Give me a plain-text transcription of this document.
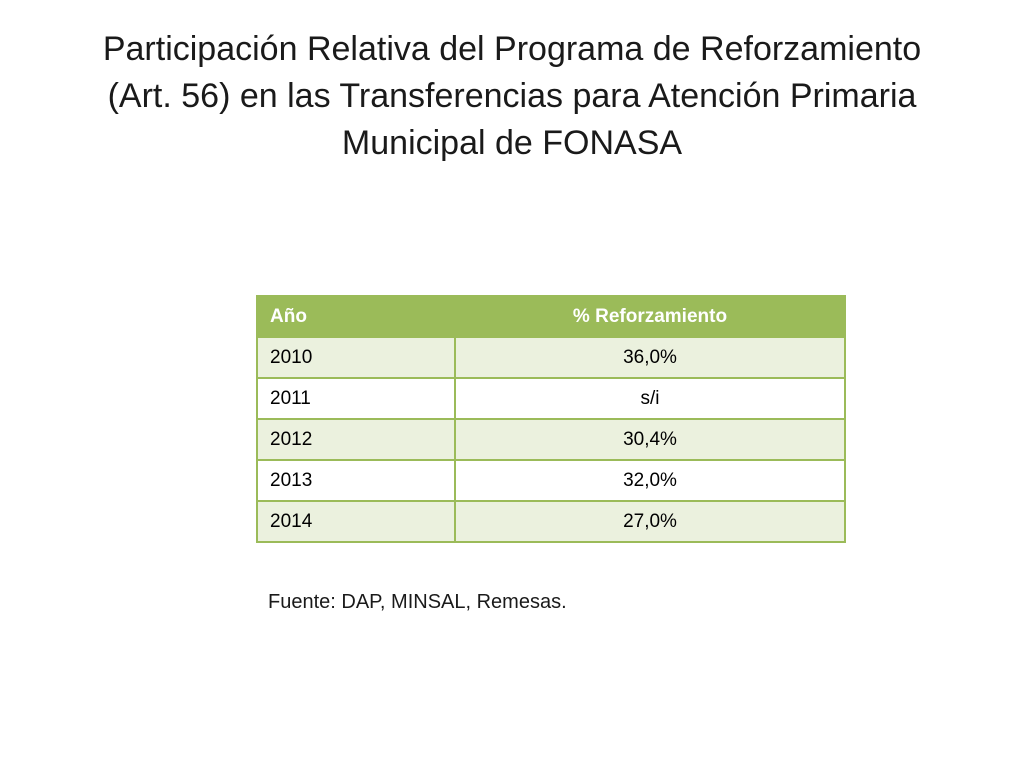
Participación Relativa del Programa de Reforzamiento
(Art. 56) en las Transferencias para Atención Primaria
Municipal de FONASA
Año	% Reforzamiento
2010	36,0%
2011	s/i
2012	30,4%
2013	32,0%
2014	27,0%
Fuente: DAP, MINSAL, Remesas.
